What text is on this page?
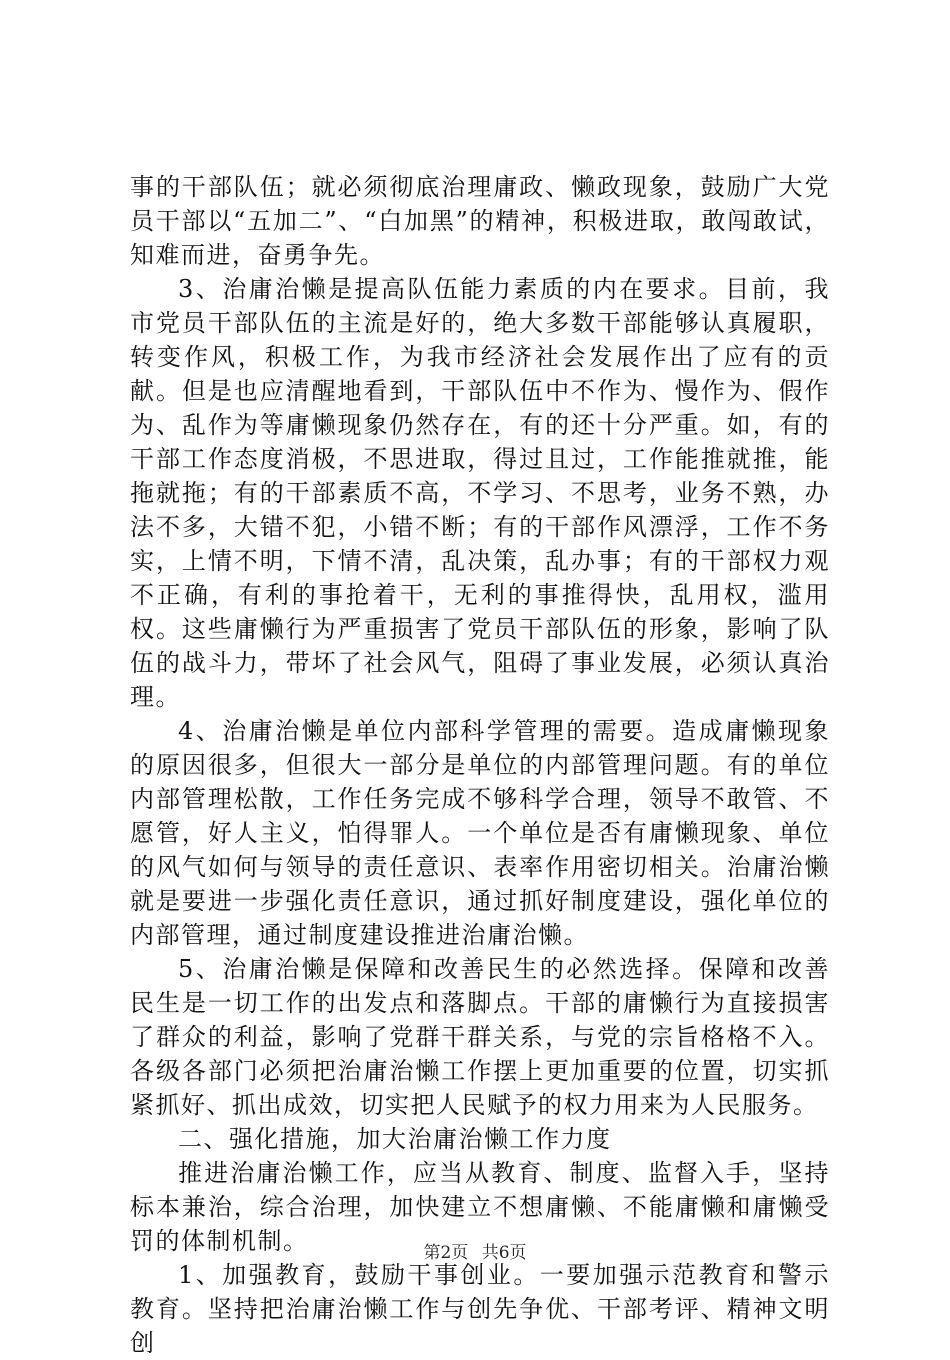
事的干部队伍；就必须彻底治理庸政、懒政现象，鼓励广大党员干部以“五加二”、“白加黑”的精神，积极进取，敢闯敢试，知难而进，奋勇争先。

3、治庸治懒是提高队伍能力素质的内在要求。目前，我市党员干部队伍的主流是好的，绝大多数干部能够认真履职，转变作风，积极工作，为我市经济社会发展作出了应有的贡献。但是也应清醒地看到，干部队伍中不作为、慢作为、假作为、乱作为等庸懒现象仍然存在，有的还十分严重。如，有的干部工作态度消极，不思进取，得过且过，工作能推就推，能拖就拖；有的干部素质不高，不学习、不思考，业务不熟，办法不多，大错不犯，小错不断；有的干部作风漂浮，工作不务实，上情不明，下情不清，乱决策，乱办事；有的干部权力观不正确，有利的事抢着干，无利的事推得快，乱用权，滥用权。这些庸懒行为严重损害了党员干部队伍的形象，影响了队伍的战斗力，带坏了社会风气，阻碍了事业发展，必须认真治理。

4、治庸治懒是单位内部科学管理的需要。造成庸懒现象的原因很多，但很大一部分是单位的内部管理问题。有的单位内部管理松散，工作任务完成不够科学合理，领导不敢管、不愿管，好人主义，怕得罪人。一个单位是否有庸懒现象、单位的风气如何与领导的责任意识、表率作用密切相关。治庸治懒就是要进一步强化责任意识，通过抓好制度建设，强化单位的内部管理，通过制度建设推进治庸治懒。

5、治庸治懒是保障和改善民生的必然选择。保障和改善民生是一切工作的出发点和落脚点。干部的庸懒行为直接损害了群众的利益，影响了党群干群关系，与党的宗旨格格不入。各级各部门必须把治庸治懒工作摆上更加重要的位置，切实抓紧抓好、抓出成效，切实把人民赋予的权力用来为人民服务。

二、强化措施，加大治庸治懒工作力度

推进治庸治懒工作，应当从教育、制度、监督入手，坚持标本兼治，综合治理，加快建立不想庸懒、不能庸懒和庸懒受罚的体制机制。

1、加强教育，鼓励干事创业。一要加强示范教育和警示教育。坚持把治庸治懒工作与创先争优、干部考评、精神文明创

第2页 共6页
